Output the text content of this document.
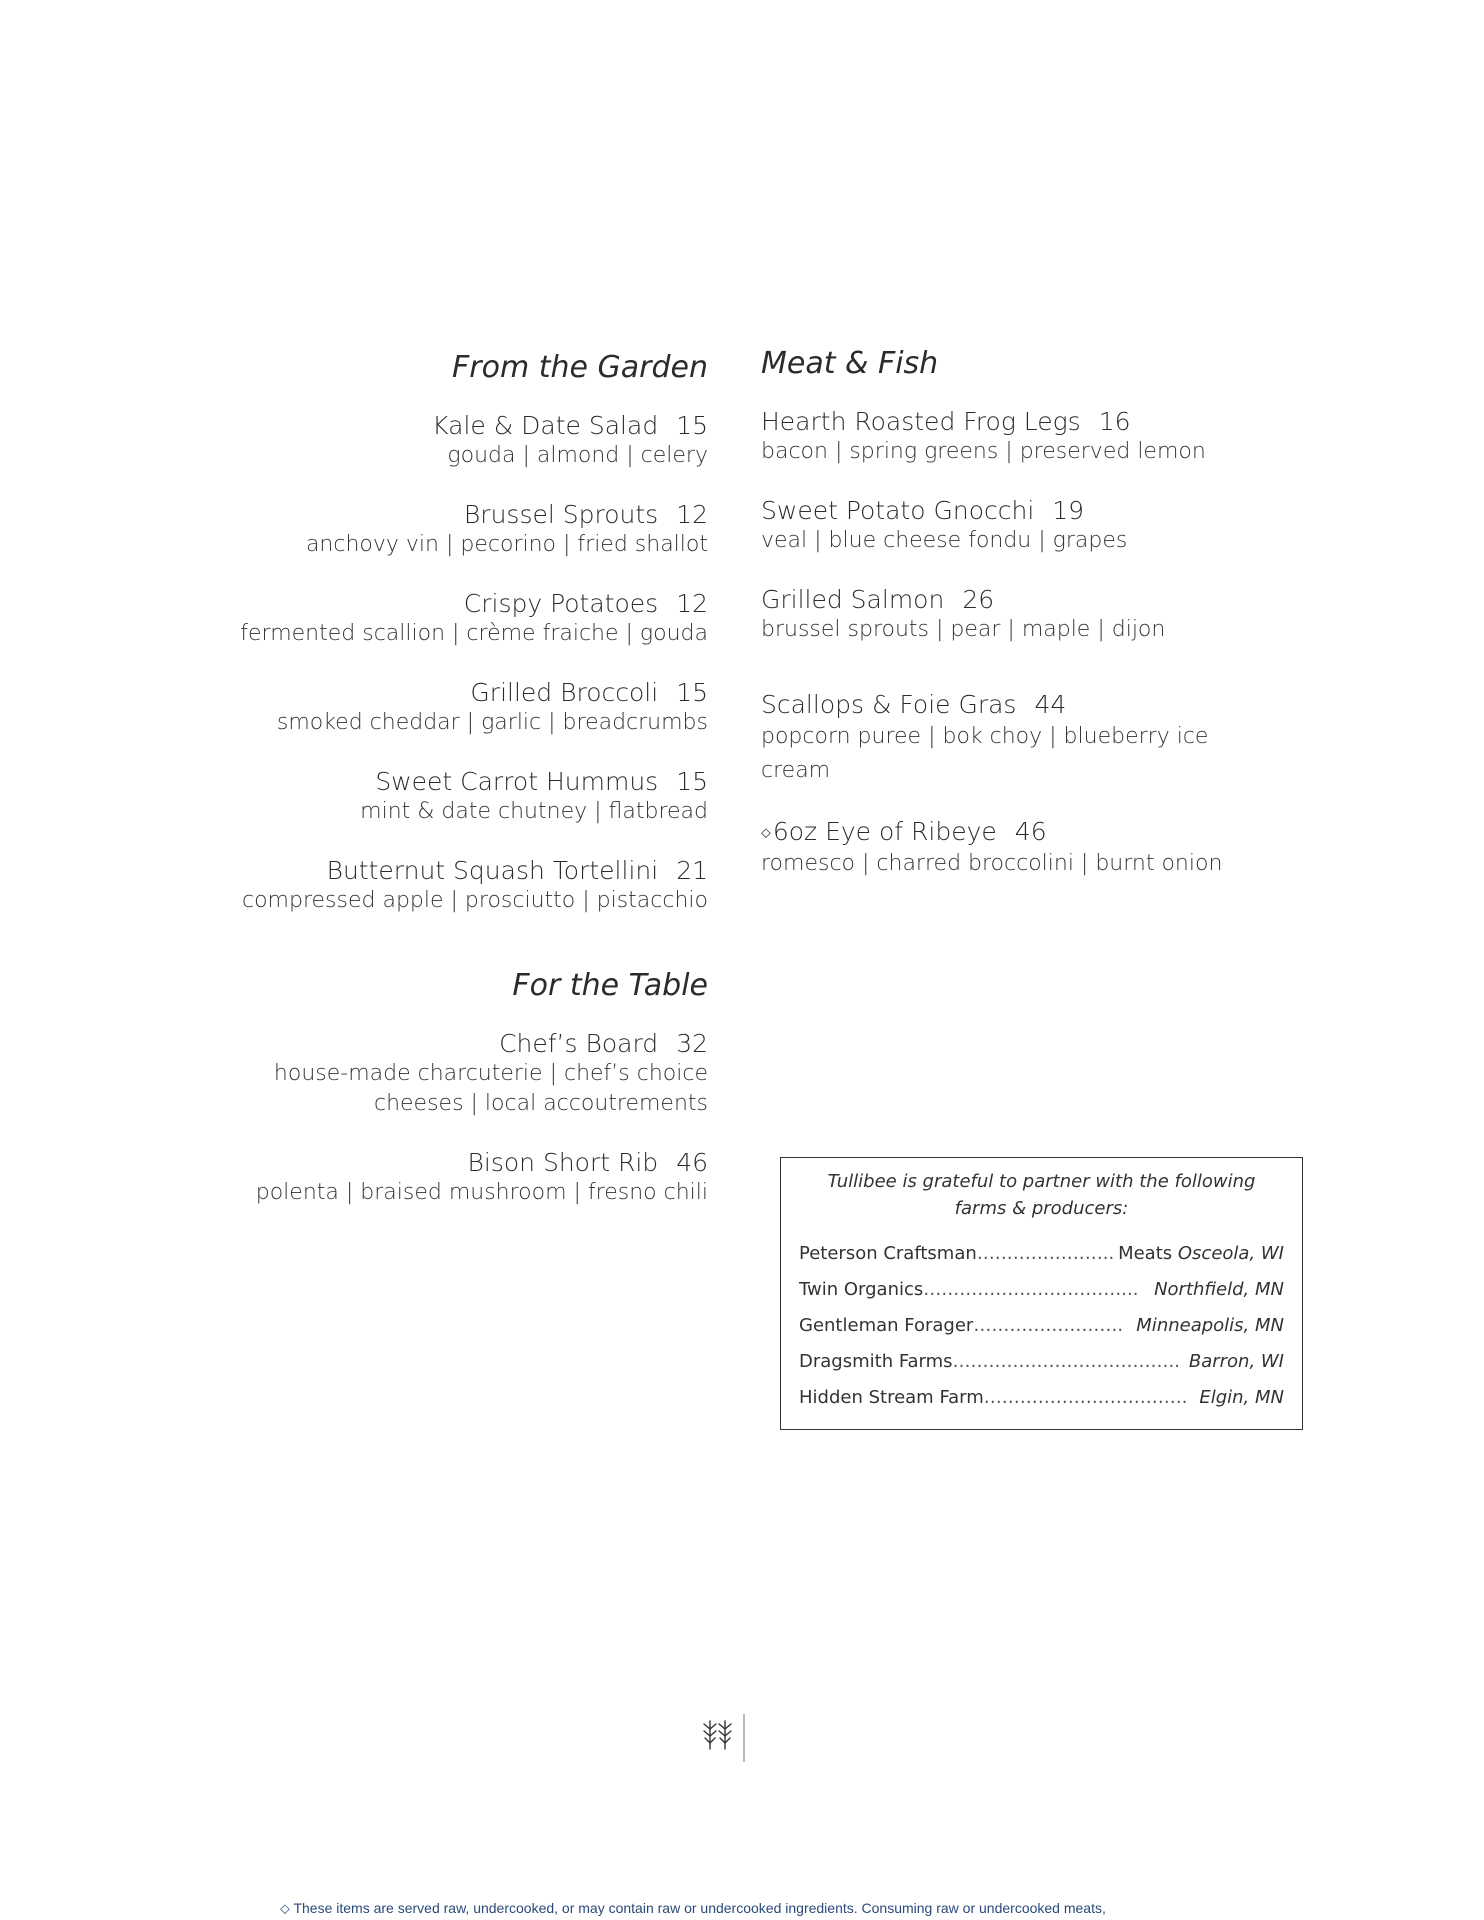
From the Garden
Kale & Date Salad 15
gouda | almond | celery
Brussel Sprouts 12
anchovy vin | pecorino | fried shallot
Crispy Potatoes 12
fermented scallion | crème fraiche | gouda
Grilled Broccoli 15
smoked cheddar | garlic | breadcrumbs
Sweet Carrot Hummus 15
mint & date chutney | flatbread
Butternut Squash Tortellini 21
compressed apple | prosciutto | pistacchio
For the Table
Chef’s Board 32
house-made charcuterie | chef’s choice
cheeses | local accoutrements
Bison Short Rib 46
polenta | braised mushroom | fresno chili
Meat & Fish
Hearth Roasted Frog Legs 16
bacon | spring greens | preserved lemon
Sweet Potato Gnocchi 19
veal | blue cheese fondu | grapes
Grilled Salmon 26
brussel sprouts | pear | maple | dijon
Scallops & Foie Gras 44
popcorn puree | bok choy | blueberry ice
cream
⬦6oz Eye of Ribeye 46
romesco | charred broccolini | burnt onion
Tullibee is grateful to partner with the following farms & producers:
Peterson Craftsman ………………….. Meats Osceola, WI
Twin Organics ……………………………... Northfield, MN
Gentleman Forager ……………………. Minneapolis, MN
Dragsmith Farms ……………………………….. Barron, WI
Hidden Stream Farm ……………………………. Elgin, MN
⬦ These items are served raw, undercooked, or may contain raw or undercooked ingredients. Consuming raw or undercooked meats,
